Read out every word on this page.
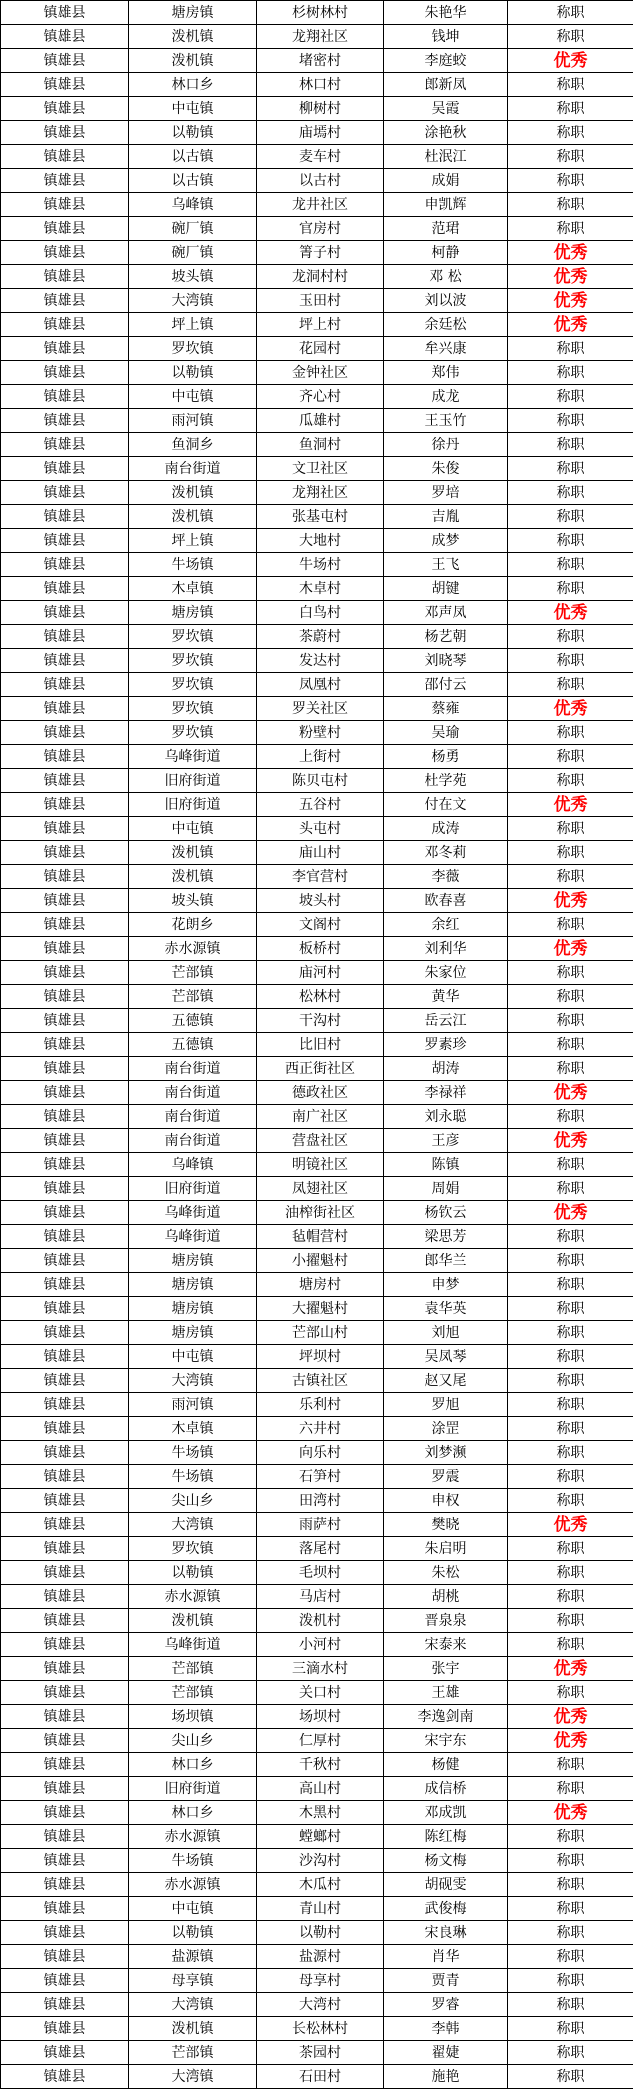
镇雄县	塘房镇	杉树林村	朱艳华	称职
镇雄县	泼机镇	龙翔社区	钱坤	称职
镇雄县	泼机镇	堵密村	李庭蛟	优秀
镇雄县	林口乡	林口村	郎新凤	称职
镇雄县	中屯镇	柳树村	吴霞	称职
镇雄县	以勒镇	庙墕村	涂艳秋	称职
镇雄县	以古镇	麦车村	杜泯江	称职
镇雄县	以古镇	以古村	成娟	称职
镇雄县	乌峰镇	龙井社区	申凯辉	称职
镇雄县	碗厂镇	官房村	范珺	称职
镇雄县	碗厂镇	箐子村	柯静	优秀
镇雄县	坡头镇	龙洞村村	邓 松	优秀
镇雄县	大湾镇	玉田村	刘以波	优秀
镇雄县	坪上镇	坪上村	余廷松	优秀
镇雄县	罗坎镇	花园村	牟兴康	称职
镇雄县	以勒镇	金钟社区	郑伟	称职
镇雄县	中屯镇	齐心村	成龙	称职
镇雄县	雨河镇	瓜雄村	王玉竹	称职
镇雄县	鱼洞乡	鱼洞村	徐丹	称职
镇雄县	南台街道	文卫社区	朱俊	称职
镇雄县	泼机镇	龙翔社区	罗培	称职
镇雄县	泼机镇	张基屯村	吉胤	称职
镇雄县	坪上镇	大地村	成梦	称职
镇雄县	牛场镇	牛场村	王飞	称职
镇雄县	木卓镇	木卓村	胡键	称职
镇雄县	塘房镇	白鸟村	邓声凤	优秀
镇雄县	罗坎镇	茶蔚村	杨艺朝	称职
镇雄县	罗坎镇	发达村	刘晓琴	称职
镇雄县	罗坎镇	凤凰村	邵付云	称职
镇雄县	罗坎镇	罗关社区	蔡雍	优秀
镇雄县	罗坎镇	粉壁村	吴瑜	称职
镇雄县	乌峰街道	上街村	杨勇	称职
镇雄县	旧府街道	陈贝屯村	杜学苑	称职
镇雄县	旧府街道	五谷村	付在文	优秀
镇雄县	中屯镇	头屯村	成涛	称职
镇雄县	泼机镇	庙山村	邓冬莉	称职
镇雄县	泼机镇	李官营村	李薇	称职
镇雄县	坡头镇	坡头村	欧春喜	优秀
镇雄县	花朗乡	文阁村	余红	称职
镇雄县	赤水源镇	板桥村	刘利华	优秀
镇雄县	芒部镇	庙河村	朱家位	称职
镇雄县	芒部镇	松林村	黄华	称职
镇雄县	五德镇	干沟村	岳云江	称职
镇雄县	五德镇	比旧村	罗素珍	称职
镇雄县	南台街道	西正街社区	胡涛	称职
镇雄县	南台街道	德政社区	李禄祥	优秀
镇雄县	南台街道	南广社区	刘永聪	称职
镇雄县	南台街道	营盘社区	王彦	优秀
镇雄县	乌峰镇	明镜社区	陈镇	称职
镇雄县	旧府街道	凤翅社区	周娟	称职
镇雄县	乌峰街道	油榨街社区	杨钦云	优秀
镇雄县	乌峰街道	毡帽营村	梁思芳	称职
镇雄县	塘房镇	小擢魁村	郎华兰	称职
镇雄县	塘房镇	塘房村	申梦	称职
镇雄县	塘房镇	大擢魁村	袁华英	称职
镇雄县	塘房镇	芒部山村	刘旭	称职
镇雄县	中屯镇	坪坝村	吴凤琴	称职
镇雄县	大湾镇	古镇社区	赵又尾	称职
镇雄县	雨河镇	乐利村	罗旭	称职
镇雄县	木卓镇	六井村	涂罡	称职
镇雄县	牛场镇	向乐村	刘梦濒	称职
镇雄县	牛场镇	石笋村	罗震	称职
镇雄县	尖山乡	田湾村	申权	称职
镇雄县	大湾镇	雨萨村	樊晓	优秀
镇雄县	罗坎镇	落尾村	朱启明	称职
镇雄县	以勒镇	毛坝村	朱松	称职
镇雄县	赤水源镇	马店村	胡桃	称职
镇雄县	泼机镇	泼机村	晋泉泉	称职
镇雄县	乌峰街道	小河村	宋泰来	称职
镇雄县	芒部镇	三滴水村	张宇	优秀
镇雄县	芒部镇	关口村	王雄	称职
镇雄县	场坝镇	场坝村	李逸剑南	优秀
镇雄县	尖山乡	仁厚村	宋宇东	优秀
镇雄县	林口乡	千秋村	杨健	称职
镇雄县	旧府街道	高山村	成信桥	称职
镇雄县	林口乡	木黑村	邓成凯	优秀
镇雄县	赤水源镇	螳螂村	陈红梅	称职
镇雄县	牛场镇	沙沟村	杨文梅	称职
镇雄县	赤水源镇	木瓜村	胡砚雯	称职
镇雄县	中屯镇	青山村	武俊梅	称职
镇雄县	以勒镇	以勒村	宋良琳	称职
镇雄县	盐源镇	盐源村	肖华	称职
镇雄县	母享镇	母享村	贾青	称职
镇雄县	大湾镇	大湾村	罗睿	称职
镇雄县	泼机镇	长松林村	李韩	称职
镇雄县	芒部镇	茶园村	翟婕	称职
镇雄县	大湾镇	石田村	施艳	称职
